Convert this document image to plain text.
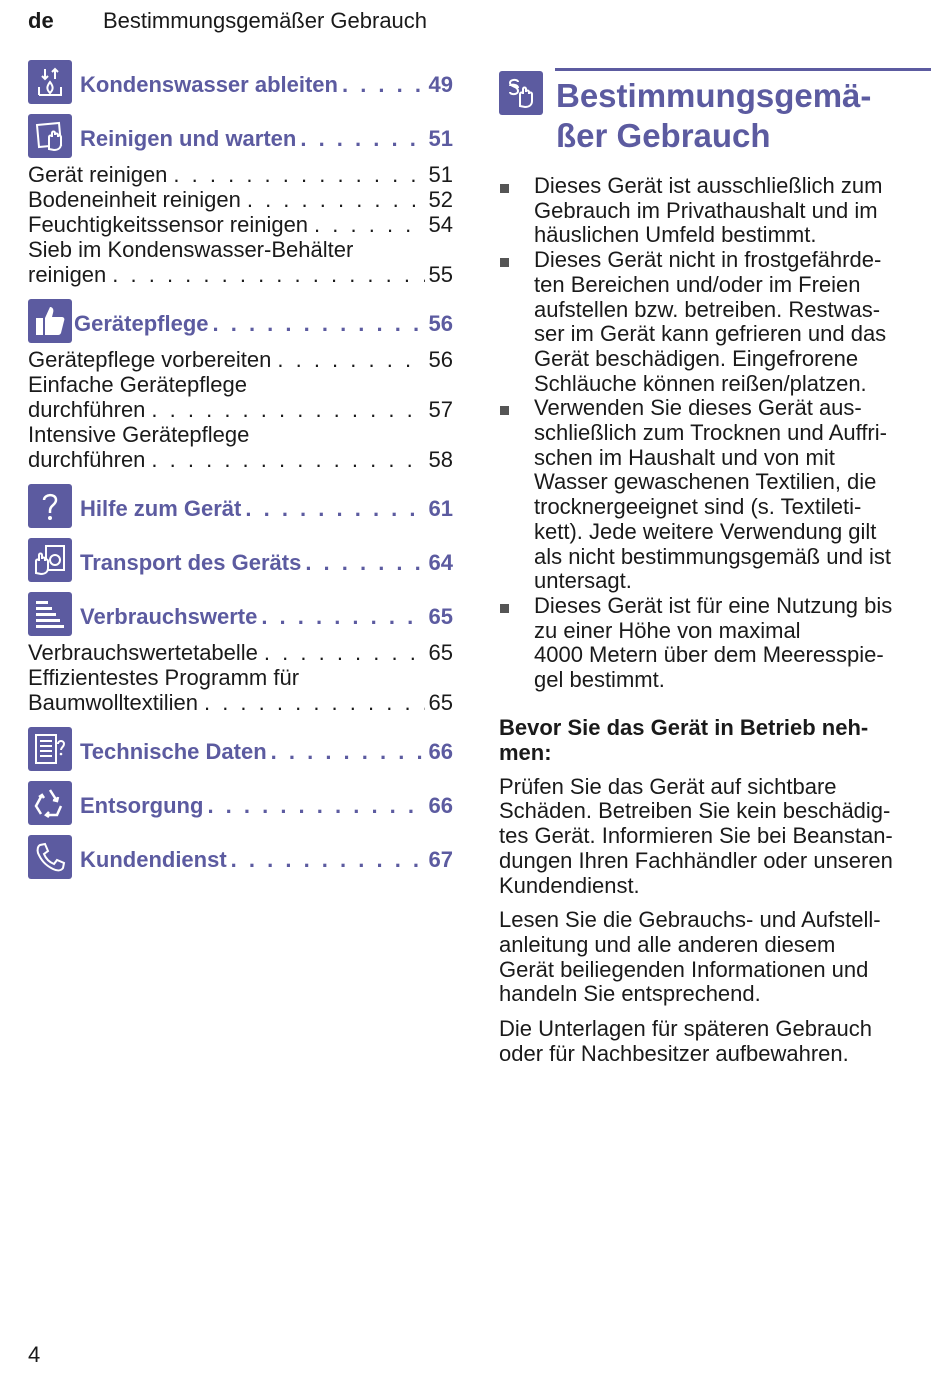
de Bestimmungsgemäßer Gebrauch
Kondenswasser ableiten . . .	49
Reinigen und warten . . .	51
Gerät reinigen . . .	51
Bodeneinheit reinigen . . .	52
Feuchtigkeitssensor reinigen . . .	54
Sieb im Kondenswasser-Behälter
reinigen . . .	55
Gerätepflege . . .	56
Gerätepflege vorbereiten . . .	56
Einfache Gerätepflege
durchführen . . .	57
Intensive Gerätepflege
durchführen . . .	58
Hilfe zum Gerät . . .	61
Transport des Geräts . . .	64
Verbrauchswerte . . .	65
Verbrauchswertetabelle . . .	65
Effizientestes Programm für
Baumwolltextilien . . .	65
Technische Daten . . .	66
Entsorgung . . .	66
Kundendienst . . .	67
Bestimmungsgemä-
ßer Gebrauch
Dieses Gerät ist ausschließlich zum
Gebrauch im Privathaushalt und im
häuslichen Umfeld bestimmt.
Dieses Gerät nicht in frostgefährde-
ten Bereichen und/oder im Freien
aufstellen bzw. betreiben. Restwas-
ser im Gerät kann gefrieren und das
Gerät beschädigen. Eingefrorene
Schläuche können reißen/platzen.
Verwenden Sie dieses Gerät aus-
schließlich zum Trocknen und Auffri-
schen im Haushalt und von mit
Wasser gewaschenen Textilien, die
trocknergeeignet sind (s. Textileti-
kett). Jede weitere Verwendung gilt
als nicht bestimmungsgemäß und ist
untersagt.
Dieses Gerät ist für eine Nutzung bis
zu einer Höhe von maximal
4000 Metern über dem Meeresspie-
gel bestimmt.
Bevor Sie das Gerät in Betrieb neh-
men:
Prüfen Sie das Gerät auf sichtbare
Schäden. Betreiben Sie kein beschädig-
tes Gerät. Informieren Sie bei Beanstan-
dungen Ihren Fachhändler oder unseren
Kundendienst.
Lesen Sie die Gebrauchs- und Aufstell-
anleitung und alle anderen diesem
Gerät beiliegenden Informationen und
handeln Sie entsprechend.
Die Unterlagen für späteren Gebrauch
oder für Nachbesitzer aufbewahren.
4
